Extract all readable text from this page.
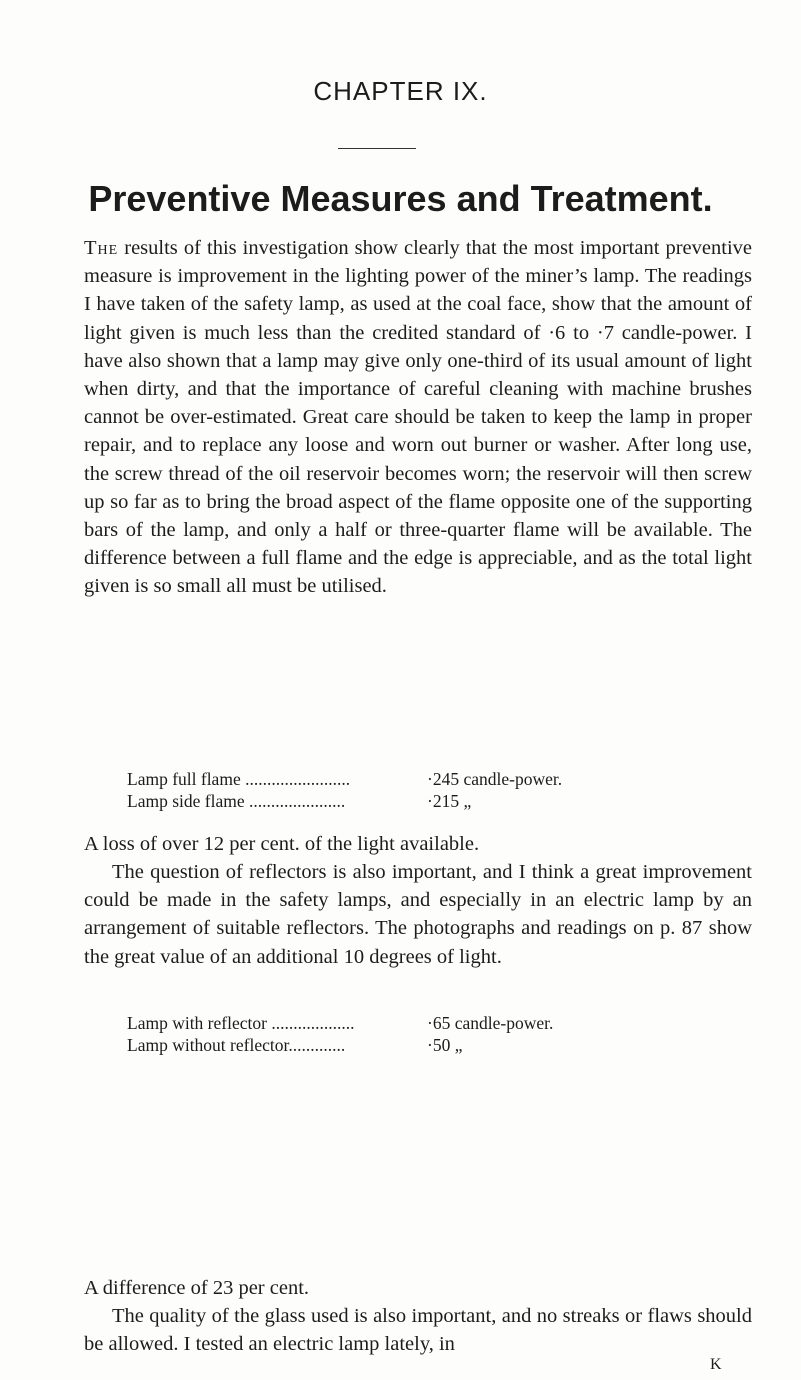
CHAPTER IX.
Preventive Measures and Treatment.
The results of this investigation show clearly that the most important preventive measure is improvement in the lighting power of the miner’s lamp. The readings I have taken of the safety lamp, as used at the coal face, show that the amount of light given is much less than the credited standard of ·6 to ·7 candle-power. I have also shown that a lamp may give only one-third of its usual amount of light when dirty, and that the importance of careful cleaning with machine brushes cannot be over-estimated. Great care should be taken to keep the lamp in proper repair, and to replace any loose and worn out burner or washer. After long use, the screw thread of the oil reservoir becomes worn; the reservoir will then screw up so far as to bring the broad aspect of the flame opposite one of the supporting bars of the lamp, and only a half or three-quarter flame will be available. The difference between a full flame and the edge is appreciable, and as the total light given is so small all must be utilised.
Lamp full flame ........................	·245 candle-power.
Lamp side flame ......................	·215 „
A loss of over 12 per cent. of the light available.
The question of reflectors is also important, and I think a great improvement could be made in the safety lamps, and especially in an electric lamp by an arrangement of suitable reflectors. The photographs and readings on p. 87 show the great value of an additional 10 degrees of light.
Lamp with reflector ...................	·65 candle-power.
Lamp without reflector.............	·50 „
A difference of 23 per cent.
The quality of the glass used is also important, and no streaks or flaws should be allowed. I tested an electric lamp lately, in
K
